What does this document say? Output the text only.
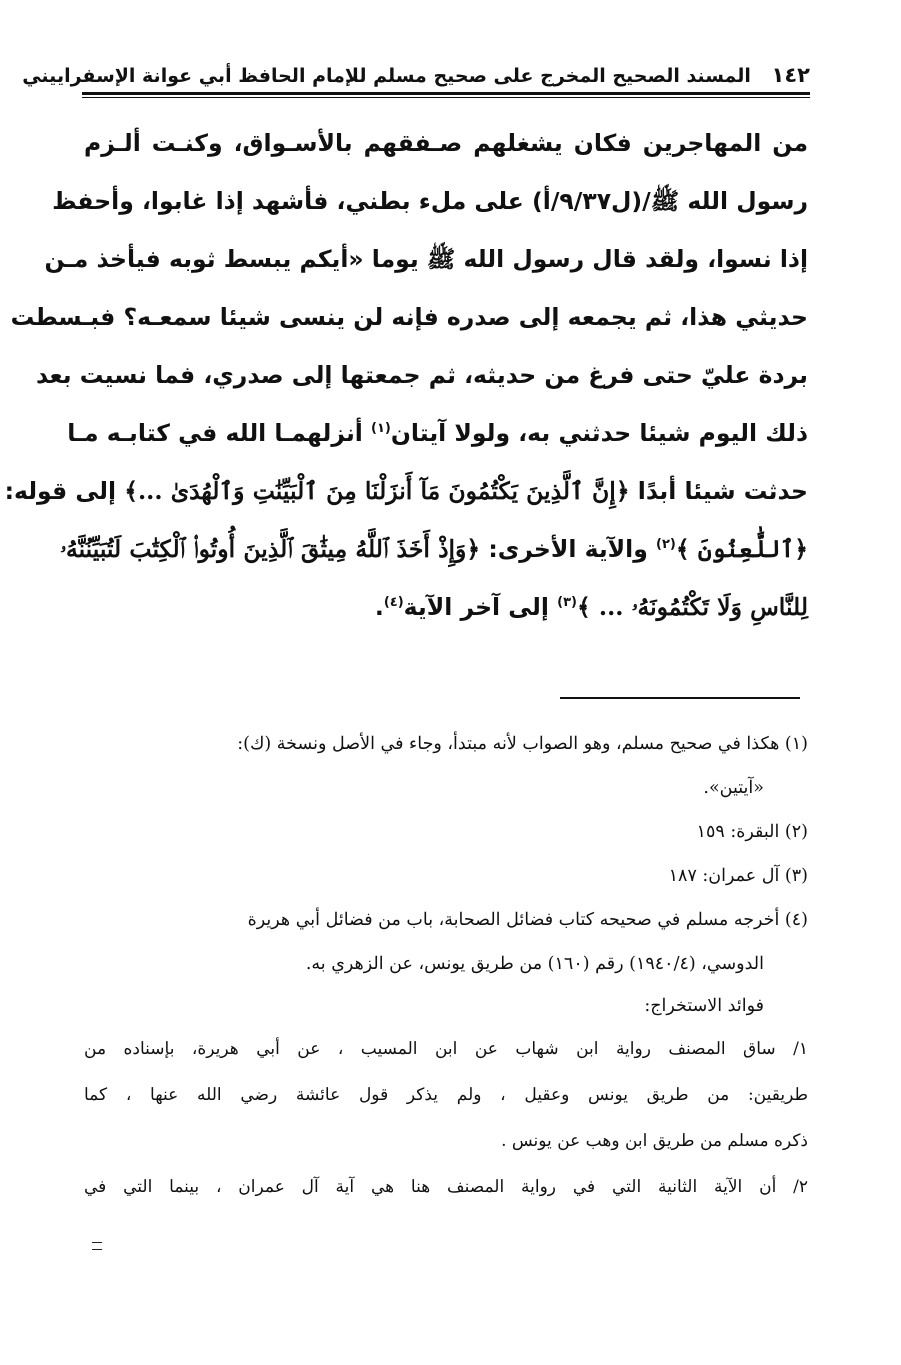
١٤٢ المسند الصحيح المخرج على صحيح مسلم للإمام الحافظ أبي عوانة الإسفراييني
من المهاجرين فكان يشغلهم صـفقهم بالأسـواق، وكنـت ألـزم
رسول الله ﷺ/(ل٩/٣٧/أ) على ملء بطني، فأشهد إذا غابوا، وأحفظ
إذا نسوا، ولقد قال رسول الله ﷺ يوما «أيكم يبسط ثوبه فيأخذ مـن
حديثي هذا، ثم يجمعه إلى صدره فإنه لن ينسى شيئا سمعـه؟ فبـسطت
بردة عليّ حتى فرغ من حديثه، ثم جمعتها إلى صدري، فما نسيت بعد
ذلك اليوم شيئا حدثني به، ولولا آيتان$^{(١)}$ أنزلهمـا الله في كتابـه مـا
حدثت شيئا أبدًا ﴿إِنَّ ٱلَّذِينَ يَكْتُمُونَ مَآ أَنزَلْنَا مِنَ ٱلْبَيِّنَٰتِ وَٱلْهُدَىٰ ...﴾ إلى قوله:
﴿ٱللَّٰعِنُونَ ﴾$^{(٢)}$ والآية الأخرى: ﴿وَإِذْ أَخَذَ ٱللَّهُ مِيثَٰقَ ٱلَّذِينَ أُوتُوا۟ ٱلْكِتَٰبَ لَتُبَيِّنُنَّهُۥ
لِلنَّاسِ وَلَا تَكْتُمُونَهُۥ ... ﴾$^{(٣)}$ إلى آخر الآية$^{(٤)}$.
(١) هكذا في صحيح مسلم، وهو الصواب لأنه مبتدأ، وجاء في الأصل ونسخة (ك):
«آيتين».
(٢) البقرة: ١٥٩
(٣) آل عمران: ١٨٧
(٤) أخرجه مسلم في صحيحه كتاب فضائل الصحابة، باب من فضائل أبي هريرة
الدوسي، (١٩٤٠/٤) رقم (١٦٠) من طريق يونس، عن الزهري به.
فوائد الاستخراج:
١/ ساق المصنف رواية ابن شهاب عن ابن المسيب ، عن أبي هريرة، بإسناده من
طريقين: من طريق يونس وعقيل ، ولم يذكر قول عائشة رضي الله عنها ، كما
ذكره مسلم من طريق ابن وهب عن يونس .
٢/ أن الآية الثانية التي في رواية المصنف هنا هي آية آل عمران ، بينما التي في
